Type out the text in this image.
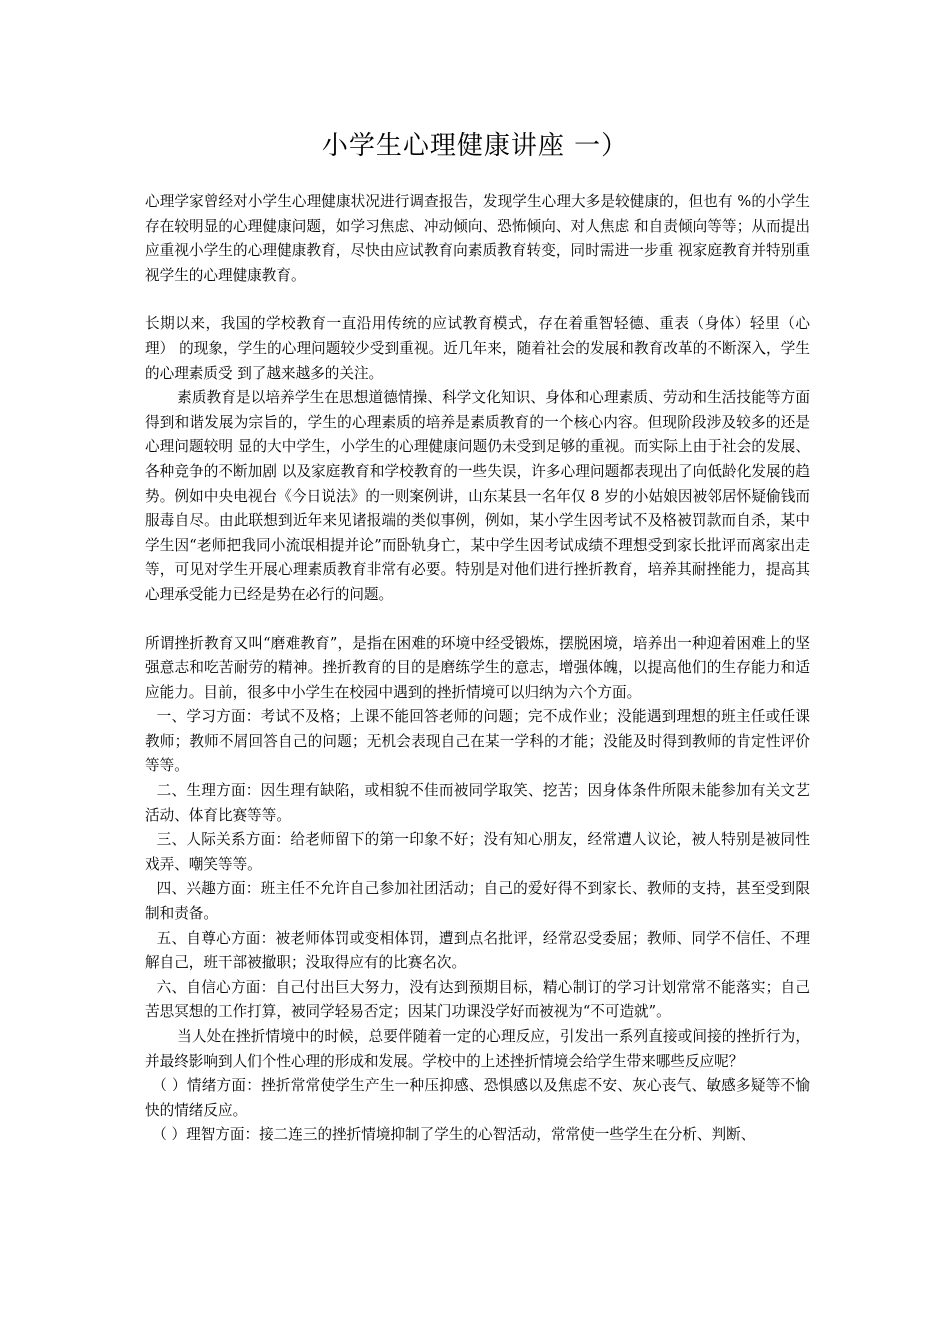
小学生心理健康讲座 一）

心理学家曾经对小学生心理健康状况进行调查报告，发现学生心理大多是较健康的，但也有 %的小学生存在较明显的心理健康问题，如学习焦虑、冲动倾向、恐怖倾向、对人焦虑 和自责倾向等等；从而提出应重视小学生的心理健康教育，尽快由应试教育向素质教育转变，同时需进一步重 视家庭教育并特别重视学生的心理健康教育。

长期以来，我国的学校教育一直沿用传统的应试教育模式，存在着重智轻德、重表（身体）轻里（心理） 的现象，学生的心理问题较少受到重视。近几年来，随着社会的发展和教育改革的不断深入，学生的心理素质受 到了越来越多的关注。

素质教育是以培养学生在思想道德情操、科学文化知识、身体和心理素质、劳动和生活技能等方面得到和谐发展为宗旨的，学生的心理素质的培养是素质教育的一个核心内容。但现阶段涉及较多的还是心理问题较明 显的大中学生，小学生的心理健康问题仍未受到足够的重视。而实际上由于社会的发展、各种竞争的不断加剧 以及家庭教育和学校教育的一些失误，许多心理问题都表现出了向低龄化发展的趋势。例如中央电视台《今日说法》的一则案例讲，山东某县一名年仅 8 岁的小姑娘因被邻居怀疑偷钱而服毒自尽。由此联想到近年来见诸报端的类似事例，例如，某小学生因考试不及格被罚款而自杀，某中学生因“老师把我同小流氓相提并论”而卧轨身亡，某中学生因考试成绩不理想受到家长批评而离家出走等，可见对学生开展心理素质教育非常有必要。特别是对他们进行挫折教育，培养其耐挫能力，提高其心理承受能力已经是势在必行的问题。

所谓挫折教育又叫“磨难教育”，是指在困难的环境中经受锻炼，摆脱困境，培养出一种迎着困难上的坚强意志和吃苦耐劳的精神。挫折教育的目的是磨练学生的意志，增强体魄，以提高他们的生存能力和适应能力。目前，很多中小学生在校园中遇到的挫折情境可以归纳为六个方面。

一、学习方面：考试不及格；上课不能回答老师的问题；完不成作业；没能遇到理想的班主任或任课教师；教师不屑回答自己的问题；无机会表现自己在某一学科的才能；没能及时得到教师的肯定性评价等等。

二、生理方面：因生理有缺陷，或相貌不佳而被同学取笑、挖苦；因身体条件所限未能参加有关文艺活动、体育比赛等等。

三、人际关系方面：给老师留下的第一印象不好；没有知心朋友，经常遭人议论，被人特别是被同性戏弄、嘲笑等等。

四、兴趣方面：班主任不允许自己参加社团活动；自己的爱好得不到家长、教师的支持，甚至受到限制和责备。

五、自尊心方面：被老师体罚或变相体罚，遭到点名批评，经常忍受委屈；教师、同学不信任、不理解自己，班干部被撤职；没取得应有的比赛名次。

六、自信心方面：自己付出巨大努力，没有达到预期目标，精心制订的学习计划常常不能落实；自己苦思冥想的工作打算，被同学轻易否定；因某门功课没学好而被视为“不可造就”。

当人处在挫折情境中的时候，总要伴随着一定的心理反应，引发出一系列直接或间接的挫折行为，并最终影响到人们个性心理的形成和发展。学校中的上述挫折情境会给学生带来哪些反应呢？

（ ）情绪方面：挫折常常使学生产生一种压抑感、恐惧感以及焦虑不安、灰心丧气、敏感多疑等不愉快的情绪反应。

（ ）理智方面：接二连三的挫折情境抑制了学生的心智活动，常常使一些学生在分析、判断、
